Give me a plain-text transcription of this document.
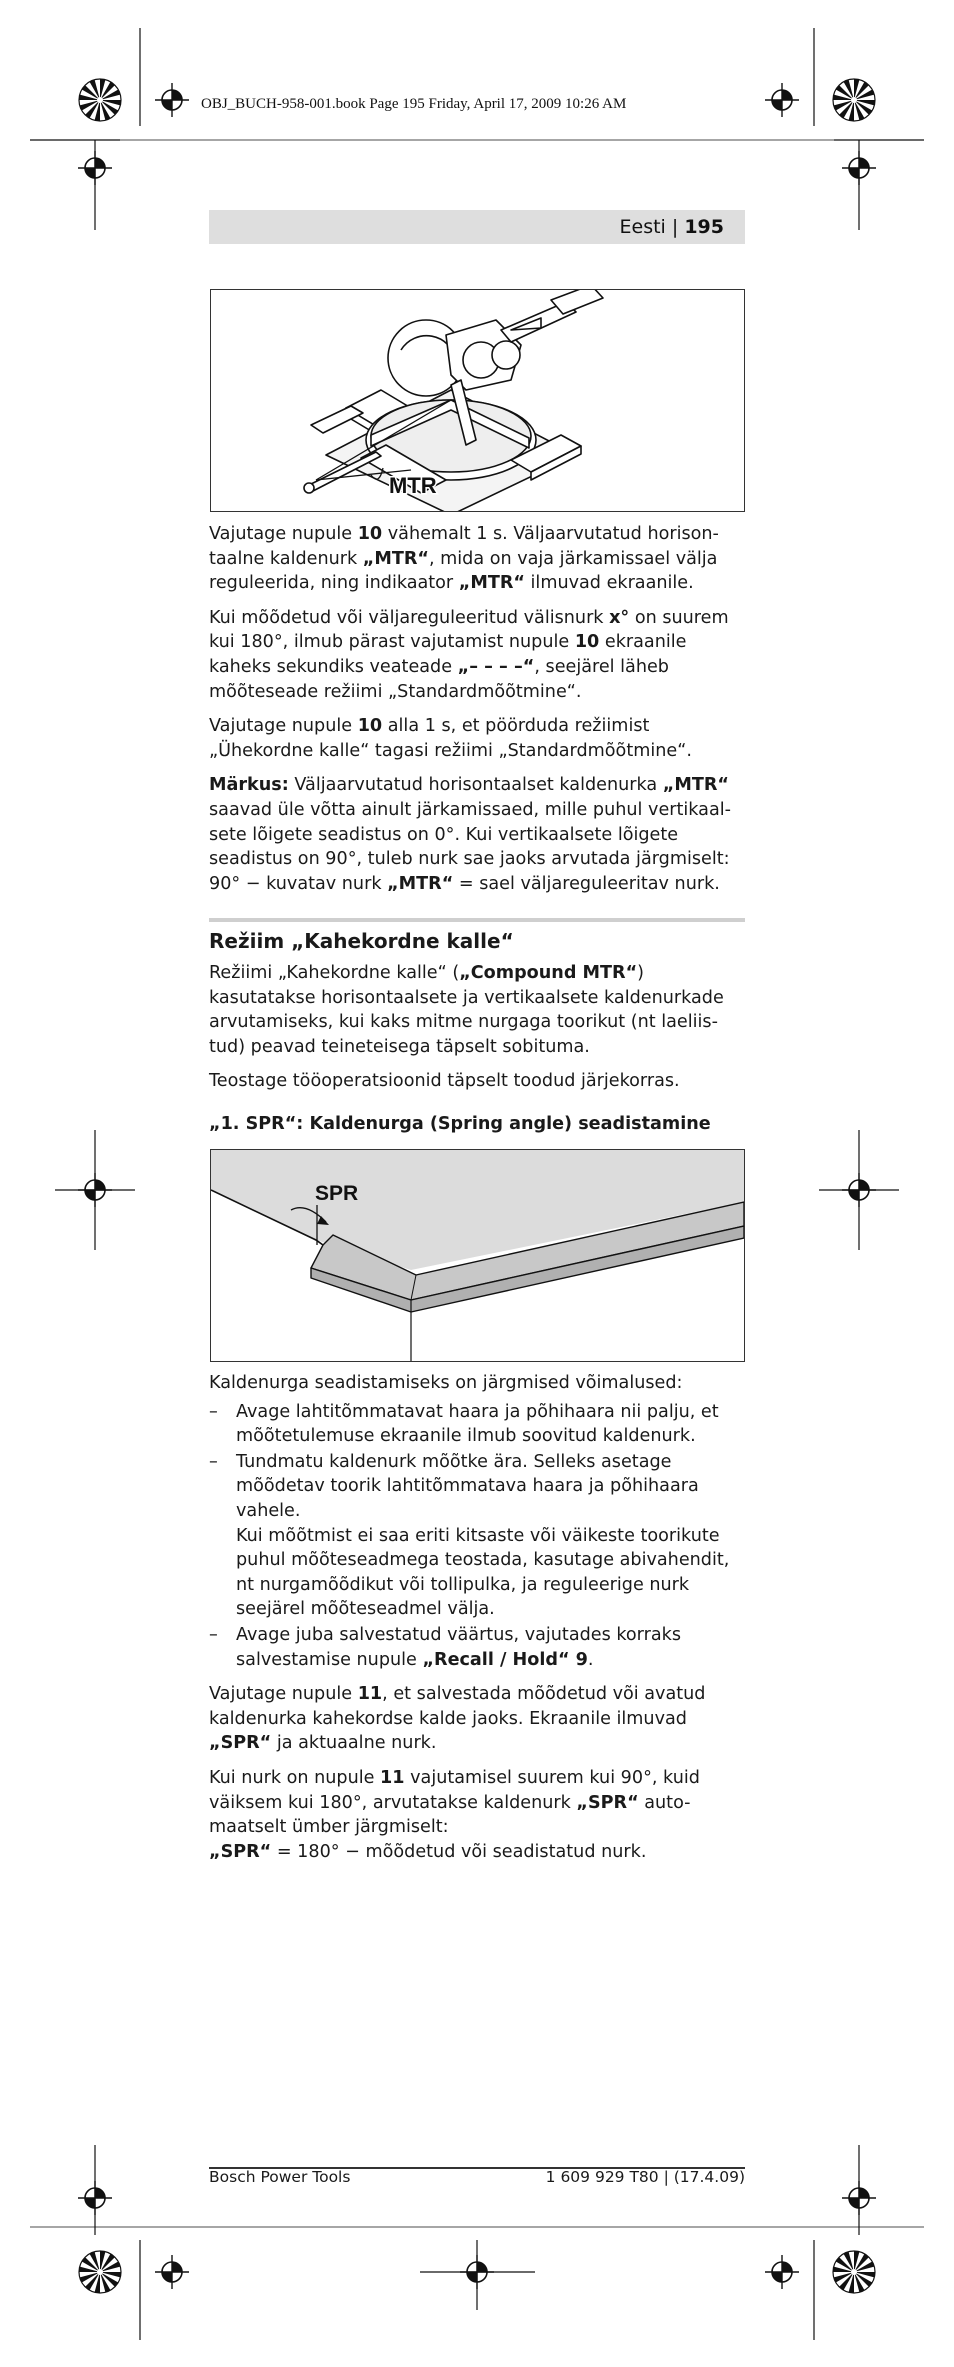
OBJ_BUCH-958-001.book Page 195 Friday, April 17, 2009 10:26 AM
Eesti | 195
MTR

Vajutage nupule 10 vähemalt 1 s. Väljaarvutatud horison-taalne kaldenurk „MTR“, mida on vaja järkamissael välja reguleerida, ning indikaator „MTR“ ilmuvad ekraanile.

Kui mõõdetud või väljareguleeritud välisnurk x° on suurem kui 180°, ilmub pärast vajutamist nupule 10 ekraanile kaheks sekundiks veateade „– – – –“, seejärel läheb mõõteseade režiimi „Standardmõõtmine“.

Vajutage nupule 10 alla 1 s, et pöörduda režiimist „Ühekordne kalle“ tagasi režiimi „Standardmõõtmine“.

Märkus: Väljaarvutatud horisontaalset kaldenurka „MTR“ saavad üle võtta ainult järkamissaed, mille puhul vertikaal-sete lõigete seadistus on 0°. Kui vertikaalsete lõigete seadistus on 90°, tuleb nurk sae jaoks arvutada järgmiselt: 90° − kuvatav nurk „MTR“ = sael väljareguleeritav nurk.

Režiim „Kahekordne kalle“

Režiimi „Kahekordne kalle“ („Compound MTR“) kasutatakse horisontaalsete ja vertikaalsete kaldenurkade arvutamiseks, kui kaks mitme nurgaga toorikut (nt laeliis-tud) peavad teineteisega täpselt sobituma.

Teostage tööoperatsioonid täpselt toodud järjekorras.

„1. SPR“: Kaldenurga (Spring angle) seadistamine
SPR

Kaldenurga seadistamiseks on järgmised võimalused:

– Avage lahtitõmmatavat haara ja põhihaara nii palju, et mõõtetulemuse ekraanile ilmub soovitud kaldenurk.
– Tundmatu kaldenurk mõõtke ära. Selleks asetage mõõdetav toorik lahtitõmmatava haara ja põhihaara vahele.
Kui mõõtmist ei saa eriti kitsaste või väikeste toorikute puhul mõõteseadmega teostada, kasutage abivahendit, nt nurgamõõdikut või tollipulka, ja reguleerige nurk seejärel mõõteseadmel välja.
– Avage juba salvestatud väärtus, vajutades korraks salvestamise nupule „Recall / Hold“ 9.

Vajutage nupule 11, et salvestada mõõdetud või avatud kaldenurka kahekordse kalde jaoks. Ekraanile ilmuvad „SPR“ ja aktuaalne nurk.

Kui nurk on nupule 11 vajutamisel suurem kui 90°, kuid väiksem kui 180°, arvutatakse kaldenurk „SPR“ auto-maatselt ümber järgmiselt:
„SPR“ = 180° − mõõdetud või seadistatud nurk.

Bosch Power Tools	1 609 929 T80 | (17.4.09)
